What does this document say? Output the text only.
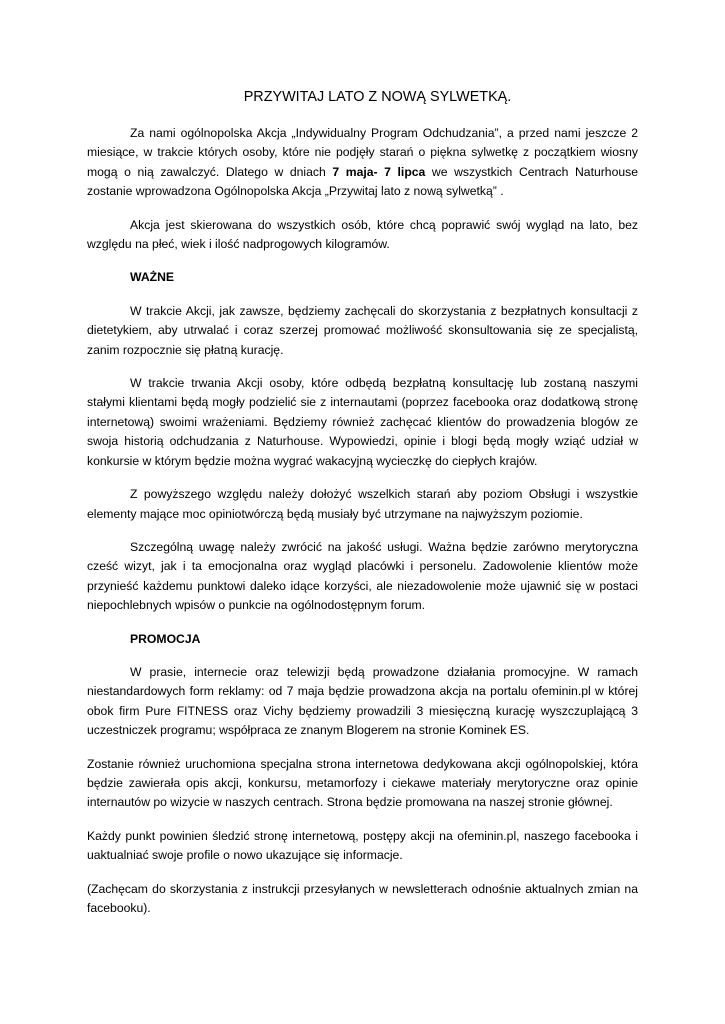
PRZYWITAJ LATO Z NOWĄ SYLWETKĄ.

Za nami ogólnopolska Akcja „Indywidualny Program Odchudzania”, a przed nami jeszcze 2 miesiące, w trakcie których osoby, które nie podjęły starań o piękna sylwetkę z początkiem wiosny mogą o nią zawalczyć. Dlatego w dniach 7 maja- 7 lipca we wszystkich Centrach Naturhouse zostanie wprowadzona Ogólnopolska Akcja „Przywitaj lato z nową sylwetką” .

Akcja jest skierowana do wszystkich osób, które chcą poprawić swój wygląd na lato, bez względu na płeć, wiek i ilość nadprogowych kilogramów.

WAŻNE

W trakcie Akcji, jak zawsze, będziemy zachęcali do skorzystania z bezpłatnych konsultacji z dietetykiem, aby utrwalać i coraz szerzej promować możliwość skonsultowania się ze specjalistą, zanim rozpocznie się płatną kurację.

W trakcie trwania Akcji osoby, które odbędą bezpłatną konsultację lub zostaną naszymi stałymi klientami będą mogły podzielić sie z internautami (poprzez facebooka oraz dodatkową stronę internetową) swoimi wrażeniami. Będziemy również zachęcać klientów do prowadzenia blogów ze swoja historią odchudzania z Naturhouse. Wypowiedzi, opinie i blogi będą mogły wziąć udział w konkursie w którym będzie można wygrać wakacyjną wycieczkę do ciepłych krajów.

Z powyższego względu należy dołożyć wszelkich starań aby poziom Obsługi i wszystkie elementy mające moc opiniotwórczą będą musiały być utrzymane na najwyższym poziomie.

Szczególną uwagę należy zwrócić na jakość usługi. Ważna będzie zarówno merytoryczna cześć wizyt, jak i ta emocjonalna oraz wygląd placówki i personelu. Zadowolenie klientów może przynieść każdemu punktowi daleko idące korzyści, ale niezadowolenie może ujawnić się w postaci niepochlebnych wpisów o punkcie na ogólnodostępnym forum.

PROMOCJA

W prasie, internecie oraz telewizji będą prowadzone działania promocyjne. W ramach niestandardowych form reklamy: od 7 maja będzie prowadzona akcja na portalu ofeminin.pl w której obok firm Pure FITNESS oraz Vichy będziemy prowadzili 3 miesięczną kurację wyszczuplającą 3 uczestniczek programu; współpraca ze znanym Blogerem na stronie Kominek ES.

Zostanie również uruchomiona specjalna strona internetowa dedykowana akcji ogólnopolskiej, która będzie zawierała opis akcji, konkursu, metamorfozy i ciekawe materiały merytoryczne oraz opinie internautów po wizycie w naszych centrach. Strona będzie promowana na naszej stronie głównej.

Każdy punkt powinien śledzić stronę internetową, postępy akcji na ofeminin.pl, naszego facebooka i uaktualniać swoje profile o nowo ukazujące się informacje.

(Zachęcam do skorzystania z instrukcji przesyłanych w newsletterach odnośnie aktualnych zmian na facebooku).
